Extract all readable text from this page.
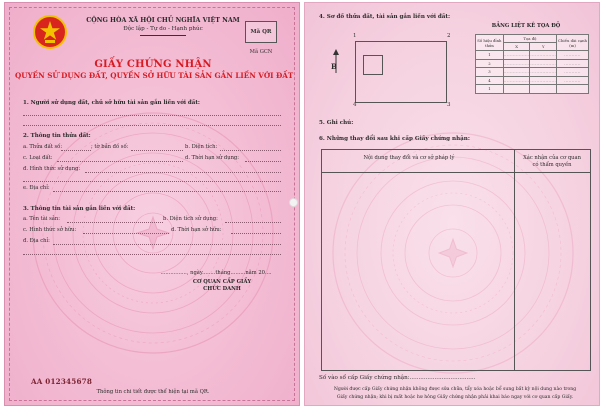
CỘNG HÒA XÃ HỘI CHỦ NGHĨA VIỆT NAM
Độc lập - Tự do - Hạnh phúc	Mã QR
Mã GCN
GIẤY CHỨNG NHẬN
QUYỀN SỬ DỤNG ĐẤT, QUYỀN SỞ HỮU TÀI SẢN GẮN LIỀN VỚI ĐẤT
1. Người sử dụng đất, chủ sở hữu tài sản gắn liền với đất:
2. Thông tin thửa đất:
a. Thửa đất số:	; tờ bản đồ số:	b. Diện tích:
c. Loại đất:	d. Thời hạn sử dụng:
đ. Hình thức sử dụng:
e. Địa chỉ:
3. Thông tin tài sản gắn liền với đất:
a. Tên tài sản:	b. Diện tích sử dụng:
c. Hình thức sở hữu:	d. Thời hạn sở hữu:
đ. Địa chỉ:
................, ngày........tháng.........năm 20....
CƠ QUAN CẤP GIẤY
CHỨC DANH
AA 012345678
Thông tin chi tiết được thể hiện tại mã QR.
4. Sơ đồ thửa đất, tài sản gắn liền với đất:
1	2
3
4
B
BẢNG LIỆT KÊ TỌA ĐỘ
Số hiệu đỉnh thửa	Tọa độ		Chiều dài cạnh (m)
	X	Y	
1	.................	.................	...........
2	.................	.................	...........
3	.................	.................	...........
4	.................	.................	...........
1			
5. Ghi chú:
6. Những thay đổi sau khi cấp Giấy chứng nhận:
Nội dung thay đổi và cơ sở pháp lý	Xác nhận của cơ quan
có thẩm quyền
Số vào sổ cấp Giấy chứng nhận:.....................................
Người được cấp Giấy chứng nhận không được sửa chữa, tẩy xóa hoặc bổ sung bất kỳ nội dung nào trong
Giấy chứng nhận; khi bị mất hoặc hư hỏng Giấy chứng nhận phải khai báo ngay với cơ quan cấp Giấy.
